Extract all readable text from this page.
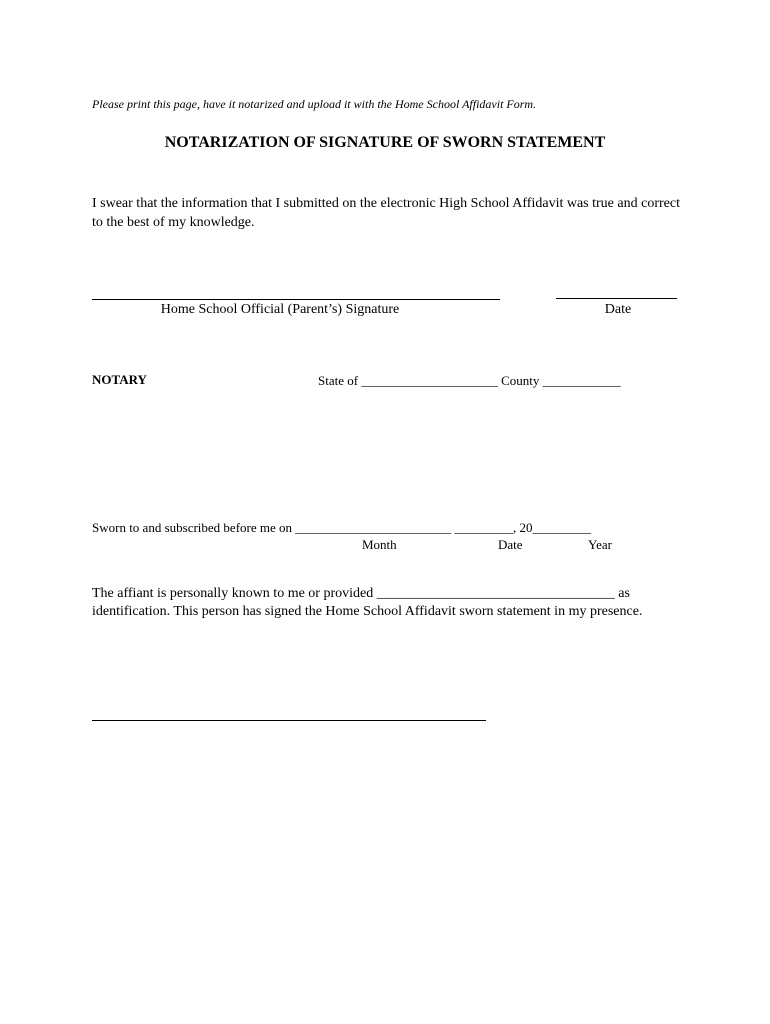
Please print this page, have it notarized and upload it with the Home School Affidavit Form.
NOTARIZATION OF SIGNATURE OF SWORN STATEMENT
I swear that the information that I submitted on the electronic High School Affidavit was true and correct to the best of my knowledge.
Home School Official (Parent’s) Signature	Date
NOTARY	State of _____________________ County ____________
Sworn to and subscribed before me on ________________________ _________, 20_________
Month	Date	Year
The affiant is personally known to me or provided __________________________________ as identification. This person has signed the Home School Affidavit sworn statement in my presence.
